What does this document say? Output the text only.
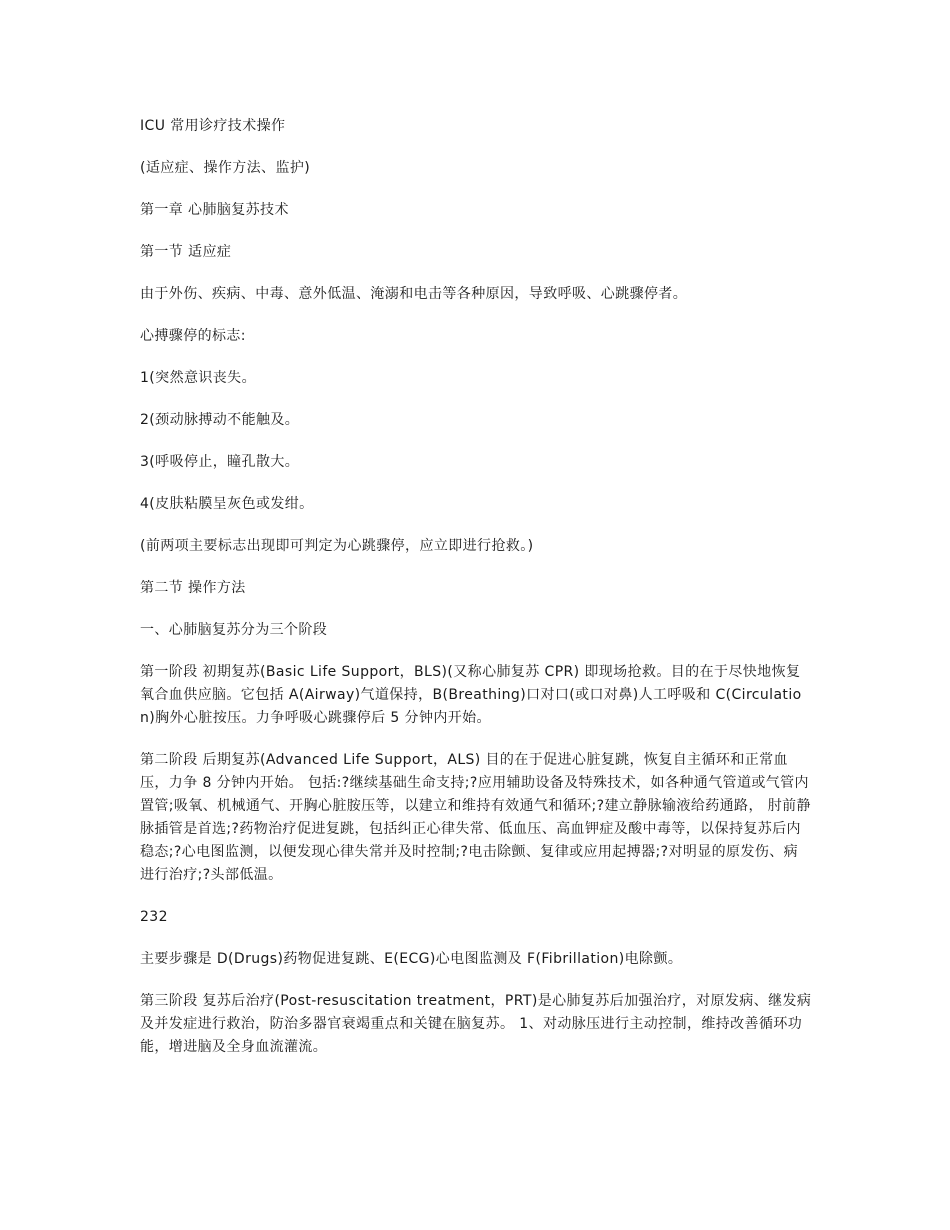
ICU 常用诊疗技术操作

(适应症、操作方法、监护)

第一章 心肺脑复苏技术

第一节 适应症

由于外伤、疾病、中毒、意外低温、淹溺和电击等各种原因，导致呼吸、心跳骤停者。

心搏骤停的标志:

1(突然意识丧失。

2(颈动脉搏动不能触及。

3(呼吸停止，瞳孔散大。

4(皮肤粘膜呈灰色或发绀。

(前两项主要标志出现即可判定为心跳骤停，应立即进行抢救。)

第二节 操作方法

一、心肺脑复苏分为三个阶段

第一阶段 初期复苏(Basic Life Support，BLS)(又称心肺复苏 CPR) 即现场抢救。目的在于尽快地恢复氧合血供应脑。它包括 A(Airway)气道保持，B(Breathing)口对口(或口对鼻)人工呼吸和 C(Circulation)胸外心脏按压。力争呼吸心跳骤停后 5 分钟内开始。

第二阶段 后期复苏(Advanced Life Support，ALS) 目的在于促进心脏复跳，恢复自主循环和正常血压，力争 8 分钟内开始。 包括:?继续基础生命支持;?应用辅助设备及特殊技术，如各种通气管道或气管内置管;吸氧、机械通气、开胸心脏胺压等，以建立和维持有效通气和循环;?建立静脉输液给药通路， 肘前静脉插管是首选;?药物治疗促进复跳，包括纠正心律失常、低血压、高血钾症及酸中毒等，以保持复苏后内稳态;?心电图监测，以便发现心律失常并及时控制;?电击除颤、复律或应用起搏器;?对明显的原发伤、病进行治疗;?头部低温。

232

主要步骤是 D(Drugs)药物促进复跳、E(ECG)心电图监测及 F(Fibrillation)电除颤。

第三阶段 复苏后治疗(Post-resuscitation treatment，PRT)是心肺复苏后加强治疗，对原发病、继发病及并发症进行救治，防治多器官衰竭重点和关键在脑复苏。 1、对动脉压进行主动控制，维持改善循环功能，增进脑及全身血流灌流。
